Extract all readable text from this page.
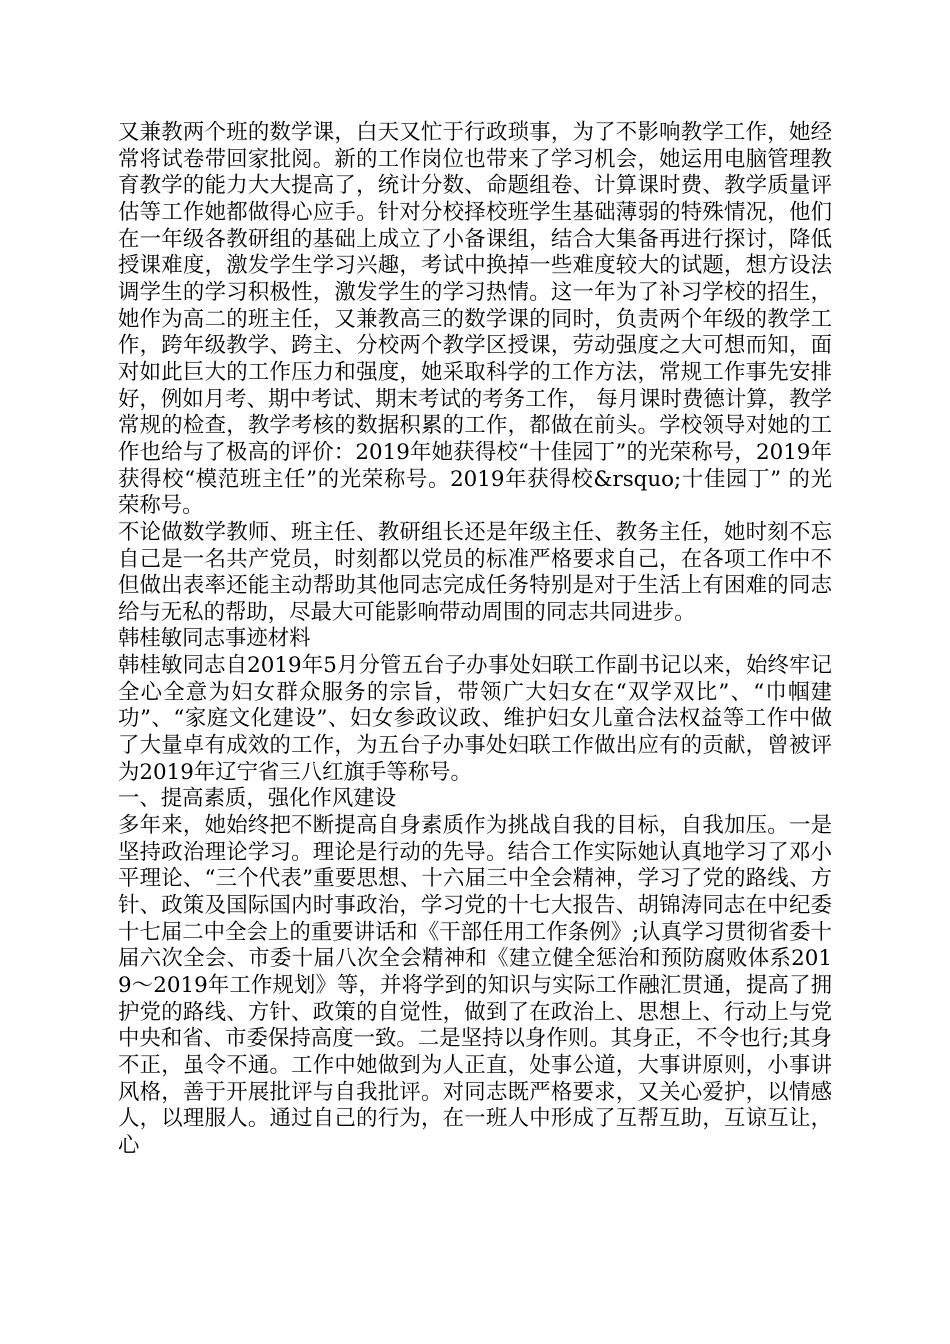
又兼教两个班的数学课，白天又忙于行政琐事，为了不影响教学工作，她经常将试卷带回家批阅。新的工作岗位也带来了学习机会，她运用电脑管理教育教学的能力大大提高了，统计分数、命题组卷、计算课时费、教学质量评估等工作她都做得心应手。针对分校择校班学生基础薄弱的特殊情况，他们在一年级各教研组的基础上成立了小备课组，结合大集备再进行探讨，降低授课难度，激发学生学习兴趣，考试中换掉一些难度较大的试题，想方设法调学生的学习积极性，激发学生的学习热情。这一年为了补习学校的招生，她作为高二的班主任，又兼教高三的数学课的同时，负责两个年级的教学工作，跨年级教学、跨主、分校两个教学区授课，劳动强度之大可想而知，面对如此巨大的工作压力和强度，她采取科学的工作方法，常规工作事先安排好，例如月考、期中考试、期末考试的考务工作， 每月课时费德计算，教学常规的检查，教学考核的数据积累的工作，都做在前头。学校领导对她的工作也给与了极高的评价：2019年她获得校“十佳园丁”的光荣称号，2019年获得校“模范班主任”的光荣称号。2019年获得校&rsquo;十佳园丁” 的光荣称号。

不论做数学教师、班主任、教研组长还是年级主任、教务主任，她时刻不忘自己是一名共产党员，时刻都以党员的标准严格要求自己，在各项工作中不但做出表率还能主动帮助其他同志完成任务特别是对于生活上有困难的同志给与无私的帮助，尽最大可能影响带动周围的同志共同进步。

韩桂敏同志事迹材料

韩桂敏同志自2019年5月分管五台子办事处妇联工作副书记以来，始终牢记全心全意为妇女群众服务的宗旨，带领广大妇女在“双学双比”、“巾帼建功”、“家庭文化建设”、妇女参政议政、维护妇女儿童合法权益等工作中做了大量卓有成效的工作，为五台子办事处妇联工作做出应有的贡献，曾被评为2019年辽宁省三八红旗手等称号。

一、提高素质，强化作风建设

多年来，她始终把不断提高自身素质作为挑战自我的目标，自我加压。一是坚持政治理论学习。理论是行动的先导。结合工作实际她认真地学习了邓小平理论、“三个代表”重要思想、十六届三中全会精神，学习了党的路线、方针、政策及国际国内时事政治，学习党的十七大报告、胡锦涛同志在中纪委十七届二中全会上的重要讲话和《干部任用工作条例》;认真学习贯彻省委十届六次全会、市委十届八次全会精神和《建立健全惩治和预防腐败体系2019～2019年工作规划》等，并将学到的知识与实际工作融汇贯通，提高了拥护党的路线、方针、政策的自觉性，做到了在政治上、思想上、行动上与党中央和省、市委保持高度一致。二是坚持以身作则。其身正，不令也行;其身不正，虽令不通。工作中她做到为人正直，处事公道，大事讲原则，小事讲风格，善于开展批评与自我批评。对同志既严格要求，又关心爱护，以情感人，以理服人。通过自己的行为，在一班人中形成了互帮互助，互谅互让，心
